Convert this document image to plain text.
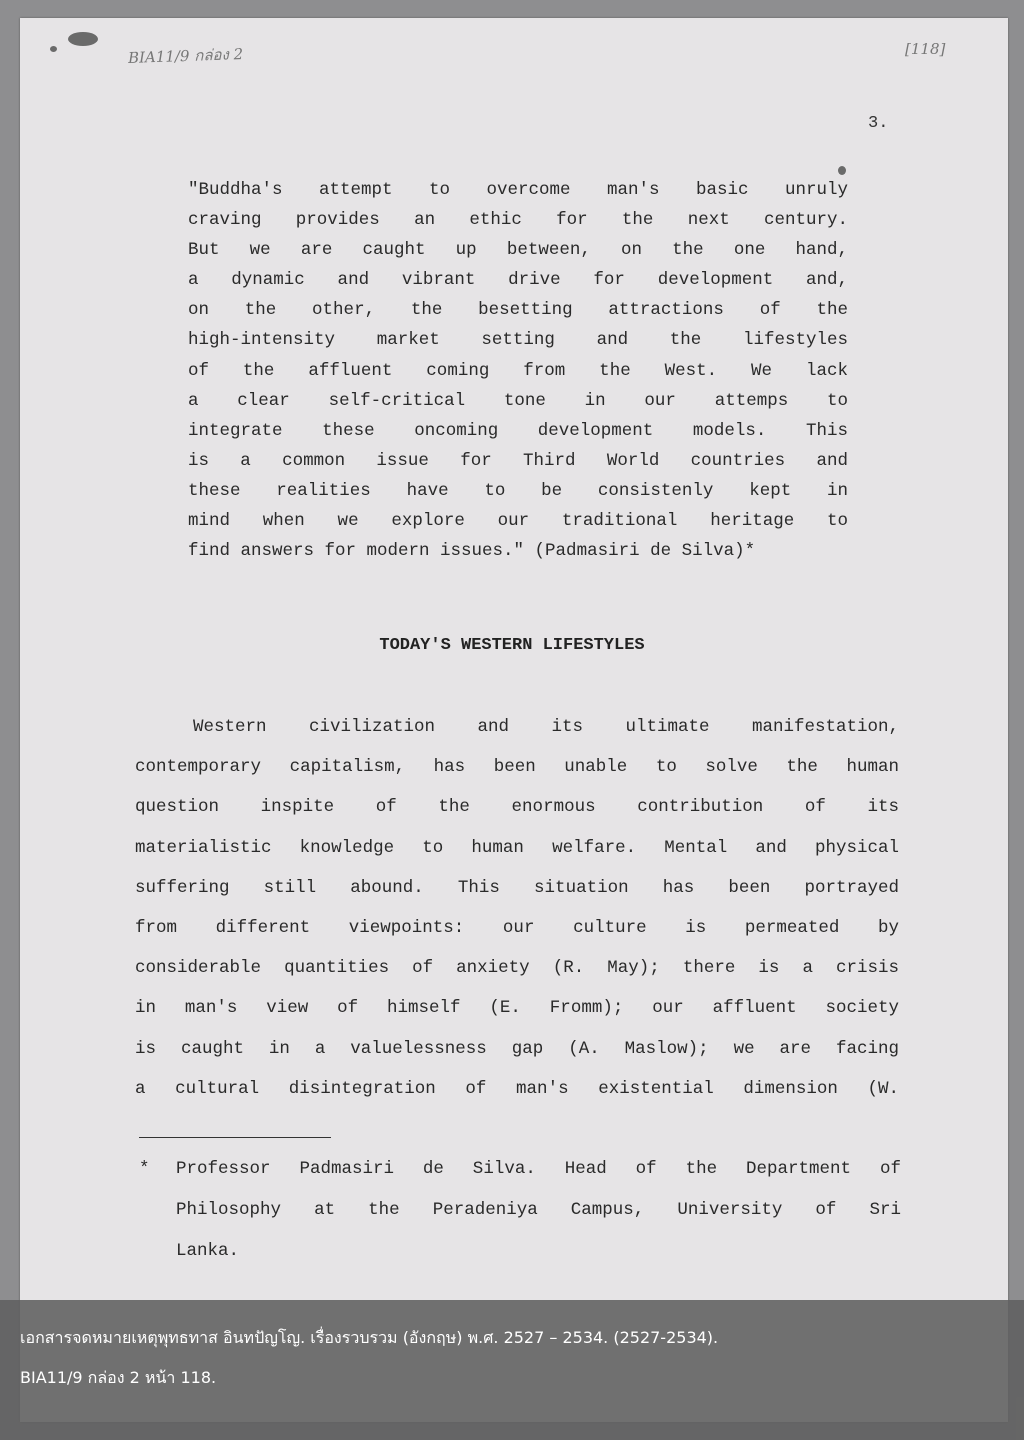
BIA11/9 กล่อง 2	[118]
3.
"Buddha's attempt to overcome man's basic unruly
craving provides an ethic for the next century.
But we are caught up between, on the one hand,
a dynamic and vibrant drive for development and,
on the other, the besetting attractions of the
high-intensity market setting and the lifestyles
of the affluent coming from the West. We lack
a clear self-critical tone in our attemps to
integrate these oncoming development models. This
is a common issue for Third World countries and
these realities have to be consistenly kept in
mind when we explore our traditional heritage to
find answers for modern issues." (Padmasiri de Silva)*
TODAY'S WESTERN LIFESTYLES
Western civilization and its ultimate manifestation,
contemporary capitalism, has been unable to solve the human
question inspite of the enormous contribution of its
materialistic knowledge to human welfare. Mental and physical
suffering still abound. This situation has been portrayed
from different viewpoints: our culture is permeated by
considerable quantities of anxiety (R. May); there is a crisis
in man's view of himself (E. Fromm); our affluent society
is caught in a valuelessness gap (A. Maslow); we are facing
a cultural disintegration of man's existential dimension (W.
*	Professor Padmasiri de Silva. Head of the Department of
Philosophy at the Peradeniya Campus, University of Sri
Lanka.
เอกสารจดหมายเหตุพุทธทาส อินทปัญโญ. เรื่องรวบรวม (อังกฤษ) พ.ศ. 2527 – 2534. (2527-2534).
BIA11/9 กล่อง 2 หน้า 118.
